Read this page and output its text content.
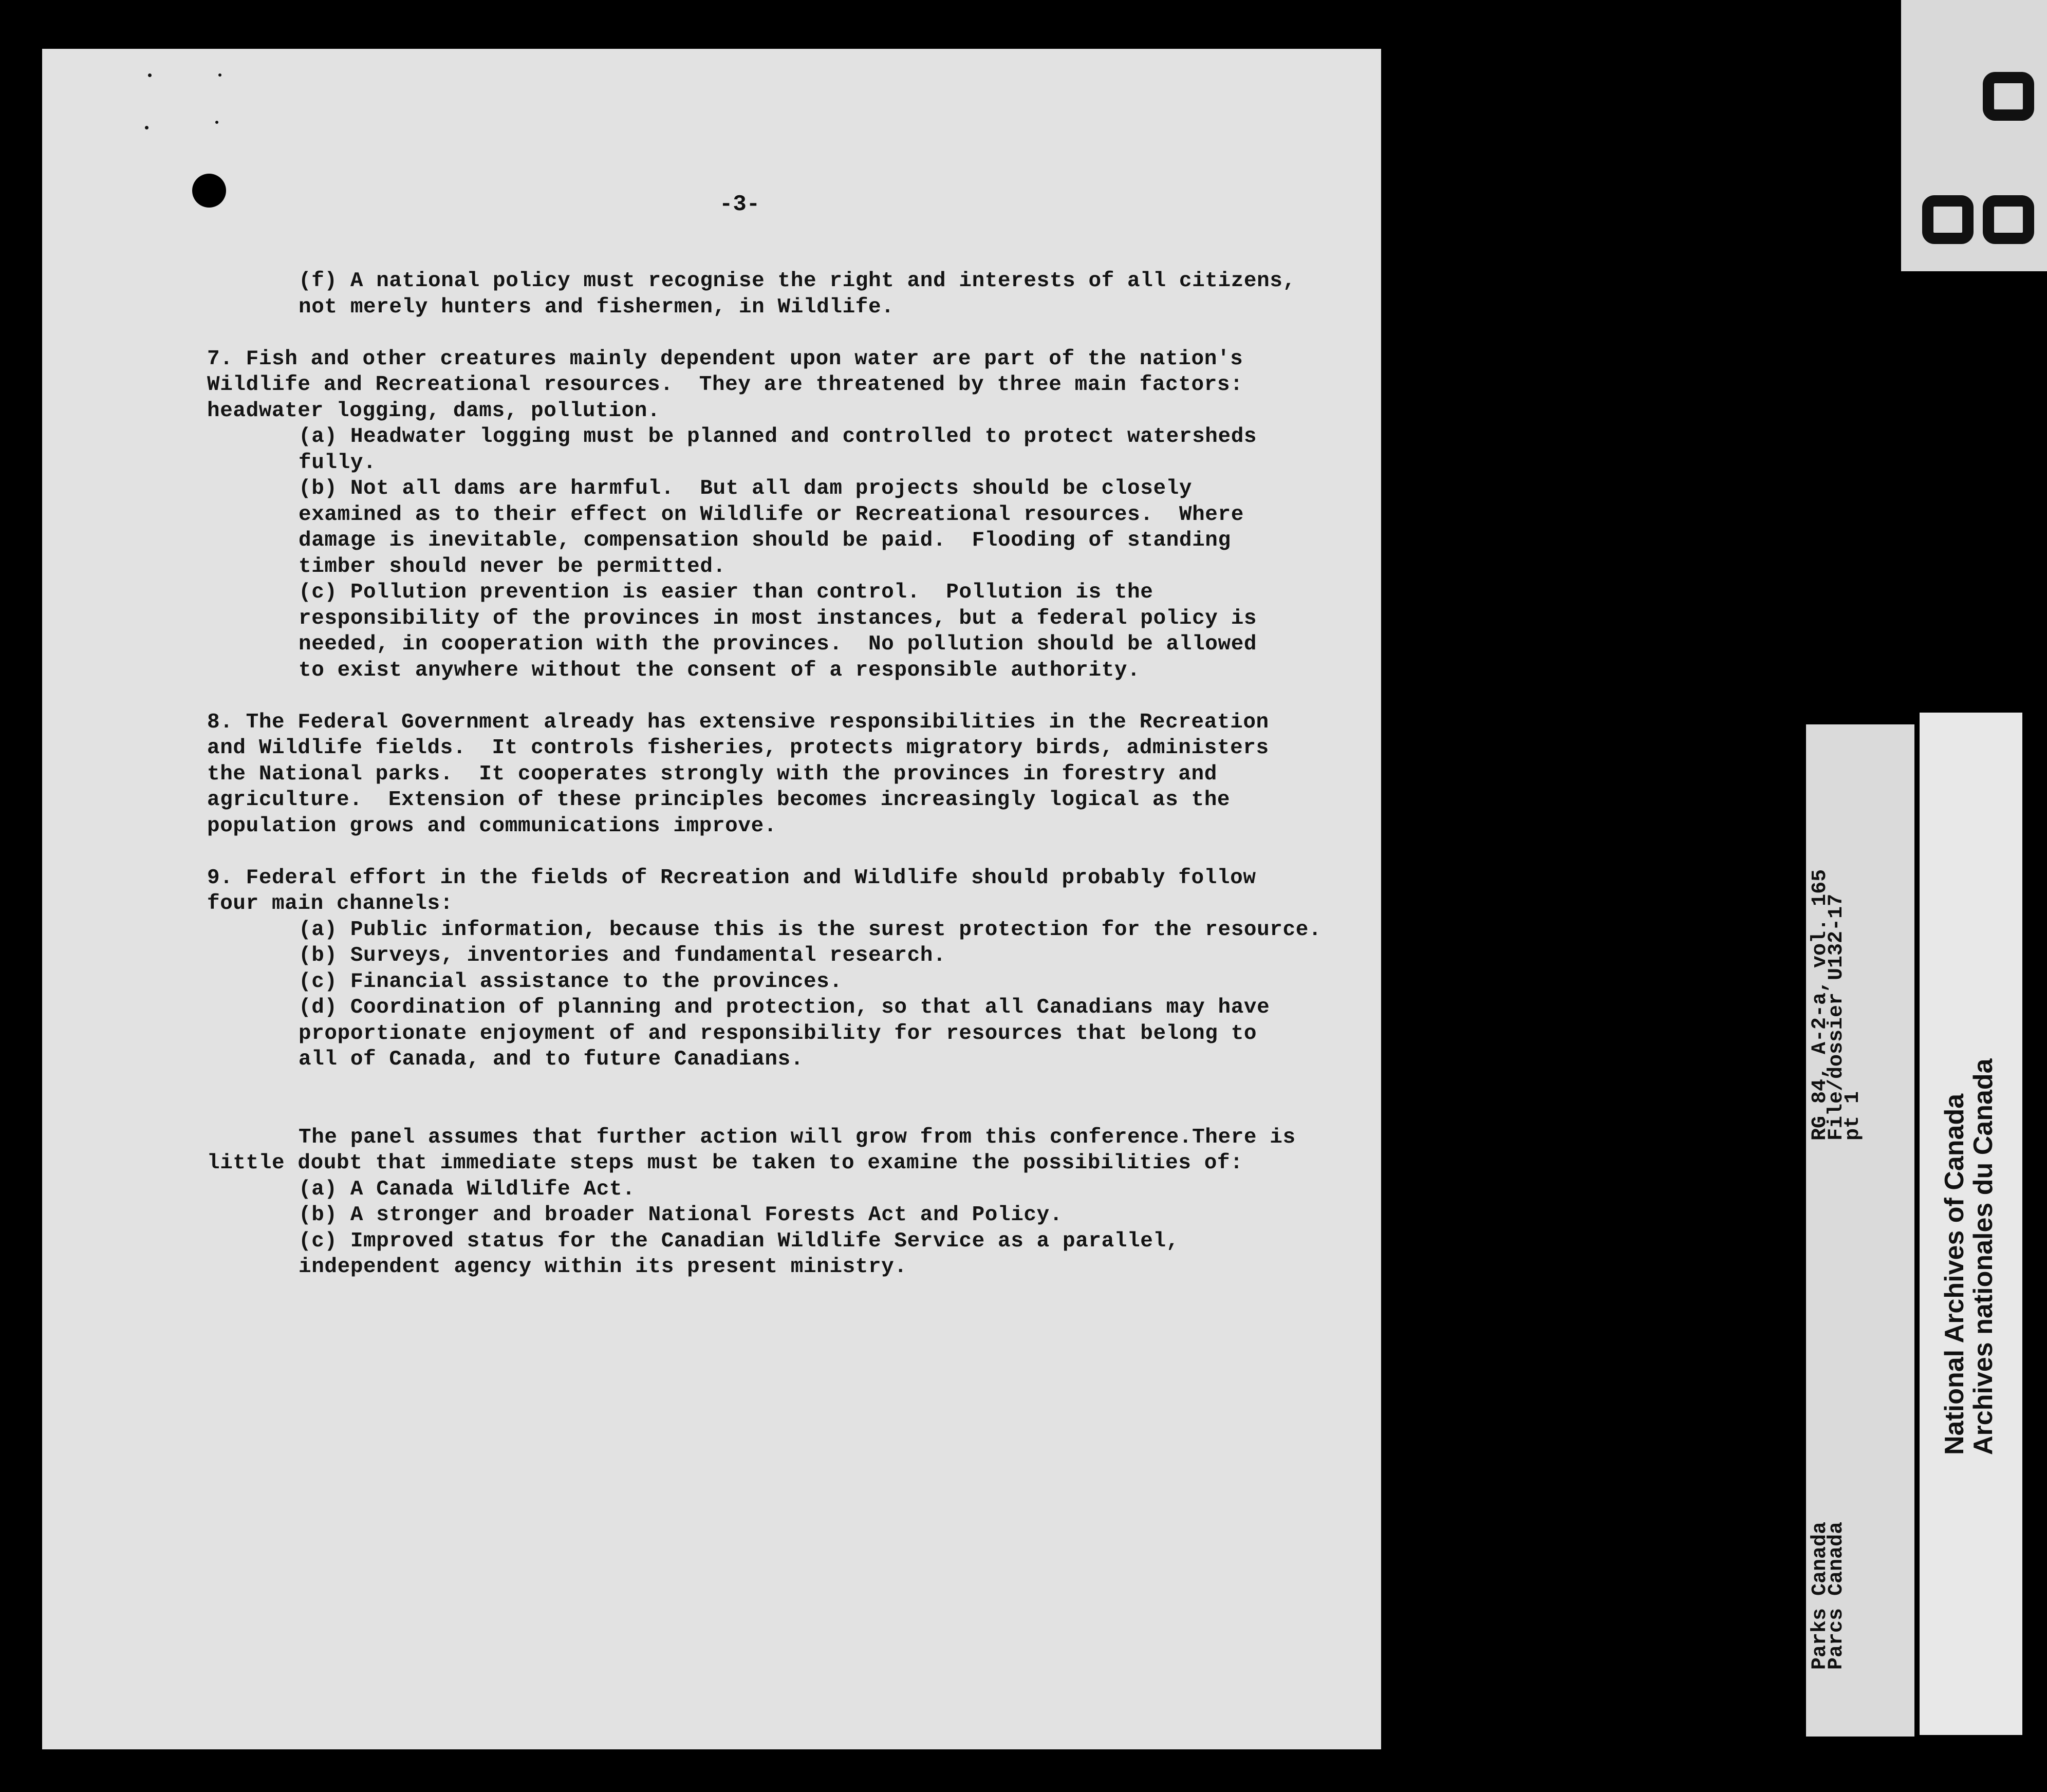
-3-
(f) A national policy must recognise the right and interests of all citizens,
not merely hunters and fishermen, in Wildlife.
7. Fish and other creatures mainly dependent upon water are part of the nation's
Wildlife and Recreational resources.  They are threatened by three main factors:
headwater logging, dams, pollution.
(a) Headwater logging must be planned and controlled to protect watersheds
fully.
(b) Not all dams are harmful.  But all dam projects should be closely
examined as to their effect on Wildlife or Recreational resources.  Where
damage is inevitable, compensation should be paid.  Flooding of standing
timber should never be permitted.
(c) Pollution prevention is easier than control.  Pollution is the
responsibility of the provinces in most instances, but a federal policy is
needed, in cooperation with the provinces.  No pollution should be allowed
to exist anywhere without the consent of a responsible authority.
8. The Federal Government already has extensive responsibilities in the Recreation
and Wildlife fields.  It controls fisheries, protects migratory birds, administers
the National parks.  It cooperates strongly with the provinces in forestry and
agriculture.  Extension of these principles becomes increasingly logical as the
population grows and communications improve.
9. Federal effort in the fields of Recreation and Wildlife should probably follow
four main channels:
(a) Public information, because this is the surest protection for the resource.
(b) Surveys, inventories and fundamental research.
(c) Financial assistance to the provinces.
(d) Coordination of planning and protection, so that all Canadians may have
proportionate enjoyment of and responsibility for resources that belong to
all of Canada, and to future Canadians.
The panel assumes that further action will grow from this conference.There is
little doubt that immediate steps must be taken to examine the possibilities of:
(a) A Canada Wildlife Act.
(b) A stronger and broader National Forests Act and Policy.
(c) Improved status for the Canadian Wildlife Service as a parallel,
independent agency within its present ministry.
RG 84, A-2-a, vol. 165
File/dossier U132-17
pt 1
Parks Canada
Parcs Canada
National Archives of Canada
Archives nationales du Canada
